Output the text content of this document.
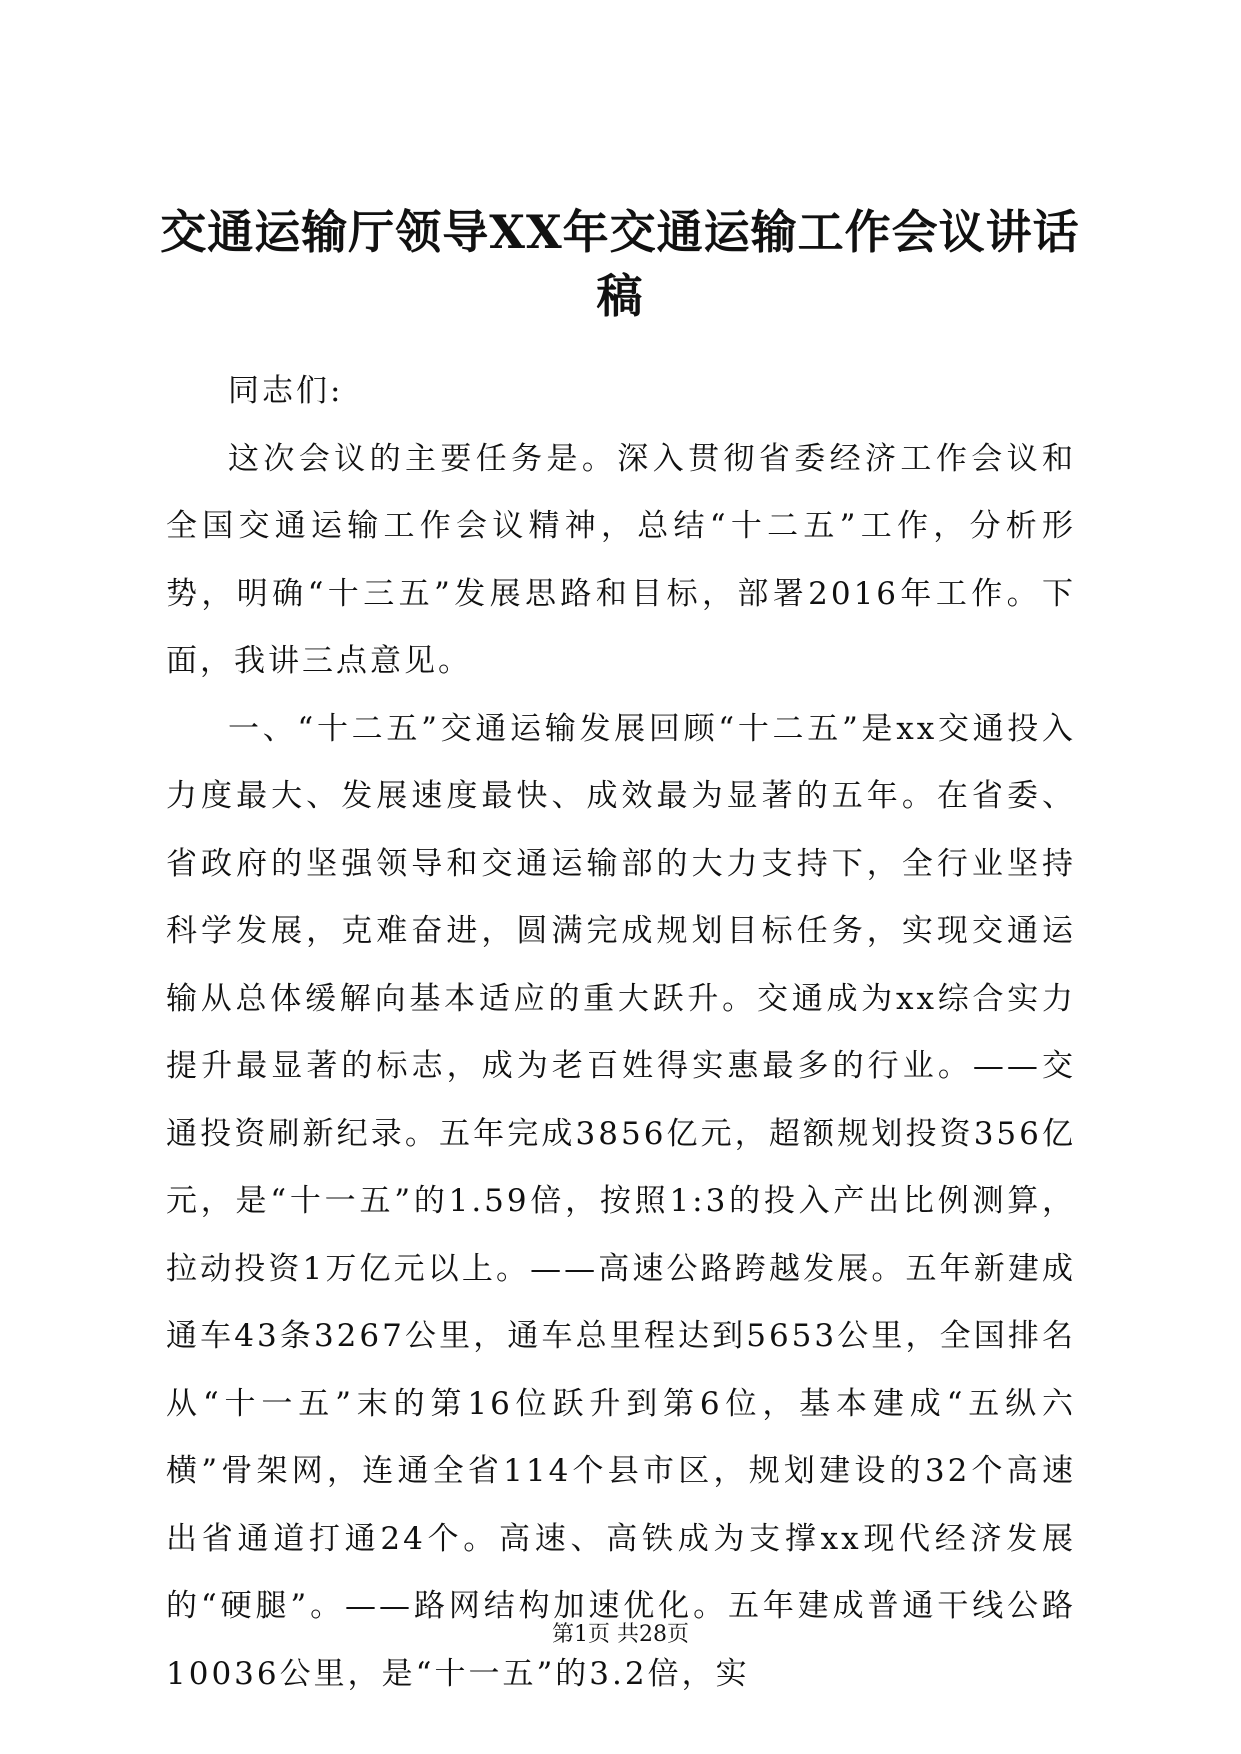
交通运输厅领导XX年交通运输工作会议讲话稿

同志们:

这次会议的主要任务是。深入贯彻省委经济工作会议和全国交通运输工作会议精神，总结“十二五”工作，分析形势，明确“十三五”发展思路和目标，部署2016年工作。下面，我讲三点意见。

一、“十二五”交通运输发展回顾“十二五”是xx交通投入力度最大、发展速度最快、成效最为显著的五年。在省委、省政府的坚强领导和交通运输部的大力支持下，全行业坚持科学发展，克难奋进，圆满完成规划目标任务，实现交通运输从总体缓解向基本适应的重大跃升。交通成为xx综合实力提升最显著的标志，成为老百姓得实惠最多的行业。——交通投资刷新纪录。五年完成3856亿元，超额规划投资356亿元，是“十一五”的1.59倍，按照1:3的投入产出比例测算，拉动投资1万亿元以上。——高速公路跨越发展。五年新建成通车43条3267公里，通车总里程达到5653公里，全国排名从“十一五”末的第16位跃升到第6位，基本建成“五纵六横”骨架网，连通全省114个县市区，规划建设的32个高速出省通道打通24个。高速、高铁成为支撑xx现代经济发展的“硬腿”。——路网结构加速优化。五年建成普通干线公路10036公里，是“十一五”的3.2倍，实

第1页 共28页
